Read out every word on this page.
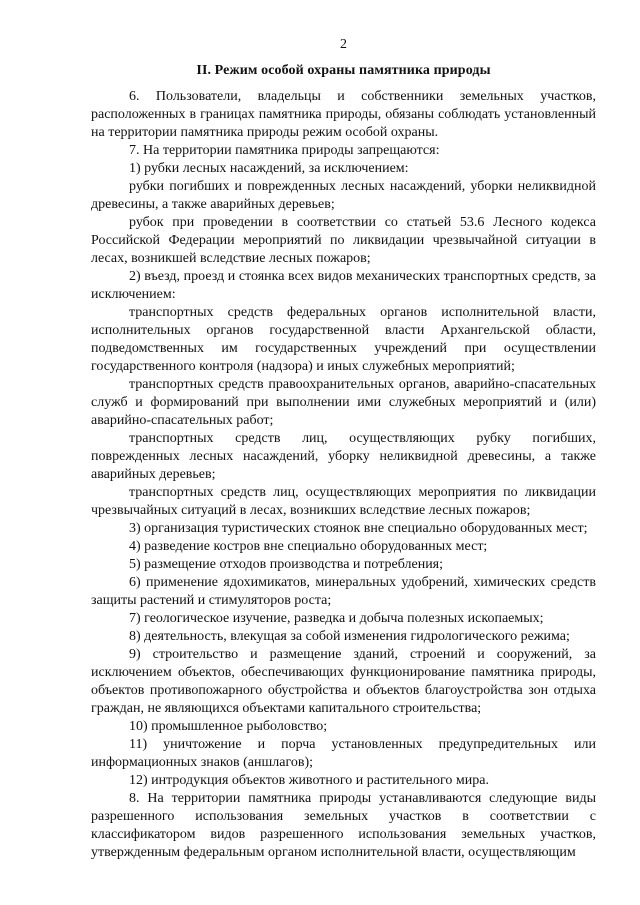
2
II. Режим особой охраны памятника природы

6. Пользователи, владельцы и собственники земельных участков, расположенных в границах памятника природы, обязаны соблюдать установленный на территории памятника природы режим особой охраны.

7. На территории памятника природы запрещаются:

1) рубки лесных насаждений, за исключением:

рубки погибших и поврежденных лесных насаждений, уборки неликвидной древесины, а также аварийных деревьев;

рубок при проведении в соответствии со статьей 53.6 Лесного кодекса Российской Федерации мероприятий по ликвидации чрезвычайной ситуации в лесах, возникшей вследствие лесных пожаров;

2) въезд, проезд и стоянка всех видов механических транспортных средств, за исключением:

транспортных средств федеральных органов исполнительной власти, исполнительных органов государственной власти Архангельской области, подведомственных им государственных учреждений при осуществлении государственного контроля (надзора) и иных служебных мероприятий;

транспортных средств правоохранительных органов, аварийно-спасательных служб и формирований при выполнении ими служебных мероприятий и (или) аварийно-спасательных работ;

транспортных средств лиц, осуществляющих рубку погибших, поврежденных лесных насаждений, уборку неликвидной древесины, а также аварийных деревьев;

транспортных средств лиц, осуществляющих мероприятия по ликвидации чрезвычайных ситуаций в лесах, возникших вследствие лесных пожаров;

3) организация туристических стоянок вне специально оборудованных мест;

4) разведение костров вне специально оборудованных мест;

5) размещение отходов производства и потребления;

6) применение ядохимикатов, минеральных удобрений, химических средств защиты растений и стимуляторов роста;

7) геологическое изучение, разведка и добыча полезных ископаемых;

8) деятельность, влекущая за собой изменения гидрологического режима;

9) строительство и размещение зданий, строений и сооружений, за исключением объектов, обеспечивающих функционирование памятника природы, объектов противопожарного обустройства и объектов благоустройства зон отдыха граждан, не являющихся объектами капитального строительства;

10) промышленное рыболовство;

11) уничтожение и порча установленных предупредительных или информационных знаков (аншлагов);

12) интродукция объектов животного и растительного мира.

8. На территории памятника природы устанавливаются следующие виды разрешенного использования земельных участков в соответствии с классификатором видов разрешенного использования земельных участков, утвержденным федеральным органом исполнительной власти, осуществляющим
